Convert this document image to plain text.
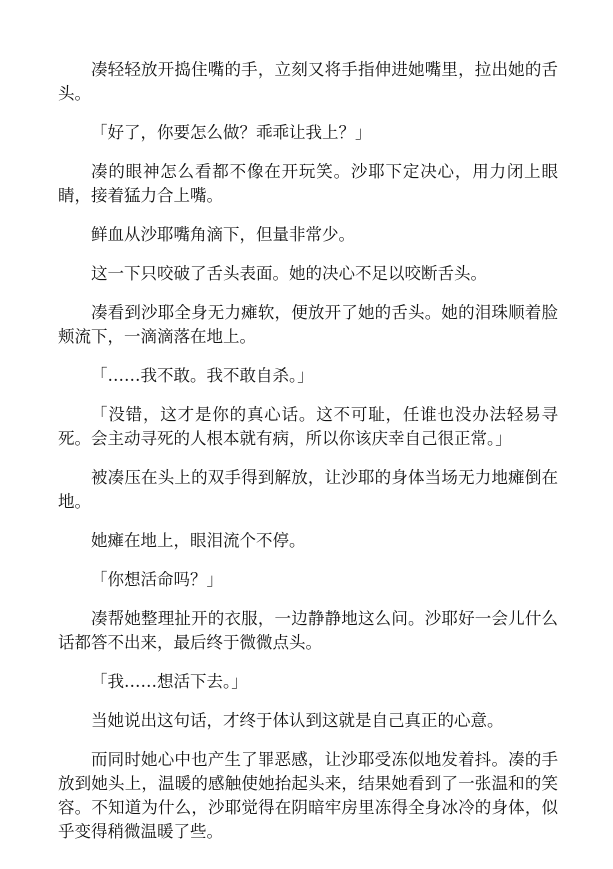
凑轻轻放开捣住嘴的手，立刻又将手指伸进她嘴里，拉出她的舌头。

「好了，你要怎么做？乖乖让我上？」

凑的眼神怎么看都不像在开玩笑。沙耶下定决心，用力闭上眼睛，接着猛力合上嘴。

鲜血从沙耶嘴角滴下，但量非常少。

这一下只咬破了舌头表面。她的决心不足以咬断舌头。

凑看到沙耶全身无力瘫软，便放开了她的舌头。她的泪珠顺着脸颊流下，一滴滴落在地上。

「……我不敢。我不敢自杀。」

「没错，这才是你的真心话。这不可耻，任谁也没办法轻易寻死。会主动寻死的人根本就有病，所以你该庆幸自己很正常。」

被凑压在头上的双手得到解放，让沙耶的身体当场无力地瘫倒在地。

她瘫在地上，眼泪流个不停。

「你想活命吗？」

凑帮她整理扯开的衣服，一边静静地这么问。沙耶好一会儿什么话都答不出来，最后终于微微点头。

「我……想活下去。」

当她说出这句话，才终于体认到这就是自己真正的心意。

而同时她心中也产生了罪恶感，让沙耶受冻似地发着抖。凑的手放到她头上，温暖的感触使她抬起头来，结果她看到了一张温和的笑容。不知道为什么，沙耶觉得在阴暗牢房里冻得全身冰冷的身体，似乎变得稍微温暖了些。
